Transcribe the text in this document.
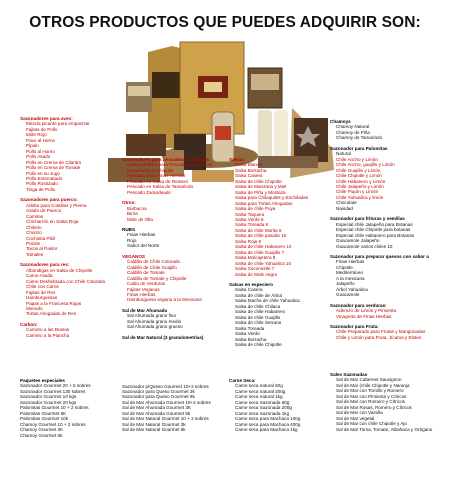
OTROS PRODUCTOS QUE PUEDES ADQUIRIR SON:
Sazonadores para aves:
Mezcla picante para empanizar
Fajitas de Pollo
Mole Rojo
Pavo al Horno
Pipián
Pollo al Horno
Pollo Asado
Pollo en Crema de Cilantro
Pollo en Crema de Tomate
Pollo en su Jugo
Pollo Entomatado
Pollo Rostizado
Tinga de Pollo
Sazonadores para puerco:
Adobo para Costillas y Pierna
Asado de Puerco
Carnitas
Chicharrón en Salsa Roja
Chilorio
Chorizo
Cochinita Pibil
Pozole
Tacos al Pastor
Tamales
Sazonadores para res:
Albóndigas en Salsa de Chipotle
Carne Asada
Carne Deshebrada con Chile Colorado
Chile con Carne
Fajitas de Res
Hamburguesas
Papas a la Francesa Rojas
Menudo
Tortas Ahogadas de Res
Carbon:
Carnero a las Brasas
Carnero a la Plancha
Sazonadores para pescados y mariscos:
Adobo Mestizo para Pescados y Mariscos
Camarones al Chipotle
Pescado a las Finas Hierbas
Pescado en Salsa de Romero
Pescado en Salsa de Tamarindo
Pescado Zarandeado
Otros:
Barbacoa
Birria
Mole de Olla
RUBS
Finas Hierbas
Rojo
Sabor del Norte
VEGANOS
Caldillo de Chile Colorado
Caldillo de Chile Guajillo
Caldillo de Tomate
Caldillo de Tomate y Chipotle
Caldo de Verduras
Fajitas Veganas
Finas Hierbas
Hamburguesa vegana a la Mexicana
Sal de Mar Ahumada
Sal Ahumada grano fino
Sal Ahumada grano medio
Sal Ahumada grano grueso
Sal de Mar Natural (3 granulometrías)
Salsas:
Salsa Blanca
Salsa Borracha
Salsa Casera
Salsa de chile Chipotle
Salsa de Manzana y Miel
Salsa de Piña y Mostaza
Salsa para Chilaquiles y Enchiladas
Salsa para Tortas Ahogadas
Salsa de chile Puya
Salsa Taquera
Salsa Verde 8
Salsa Toreada 8
Salsa de chile Morita 9
Salsa de chile pasado 10
Salsa Roja 8
Salsa de chile Habanero 10
Salsa de chile Guajillo 7
Salsa Molcajetera 8
Salsa de chile Yahualica 10
Salsa Xoconostle 7
Salsa de Mole negro
Salsas en especiero
Salsa Casera
Salsa de chile de Árbol
Salsa Macha de chile Yahualica
Salsa de chile Chilaca
Salsa de chile Habanero
Salsa de chile Guajillo
Salsa de chile Serrano
Salsa Toreada
Salsa Verde
Salsa Borracha
Salsa de chile Chipotle
Chamoys
Chamoy Natural
Chamoy de Piña
Chamoy de Tamarindo
Sazonador para Palomitas
Natural
Chile Ancho y Limón
Chile Ancho, guajillo y Limón
Chile Guajillo y Limón
Chile Chipotle y Limón
Chile Habanero y Limón
Chile Jalapeño y Limón
Chile Piquín y Limón
Chile Yahualica y limón
Chocolate
Navidad
Sazonador para frituras y semillas
Especial chile Jalapeño para Botanas
Especial chile Chipotle para botanas
Especial chile Habanero para Botanas
Guacamole Jalapeño
Guacamole varios chiles 10
Sazonador para preparar quesos con sabor a
Finas Hierbas
Chipotle
Mediterráneo
A la mexicana
Jalapeño
Árbol Yahualica
Guacamole
Sazonador para verduras:
Aderezo de Limón y Pimienta
Vinagreta de Finas Hierbas
Sazonador para Fruta:
Chile Preparado para Frutas y Mangonadas
Chile y Limón para Fruta, Jícama y Elotes
Paquetes especiales
Sazonador Gourmet 20 + 5 sobres
Sazonador Gourmet 130 sobres
Sazonador Gourmet 10 kgs
Sazonador Gourmet 20 kgs
Palomitas Gourmet 10 + 2 sobres
Palomitas Gourmet 5K
Palomitas Gourmet 10k
Chamoy Gourmet 10 + 2 sobres
Chamoy Gourmet 3K
Chamoy Gourmet 6k
Sazonador p/Queso Gourmet 10+2 sobres
Sazonador para Queso Gourmet 3k
Sazonador para Queso Gourmet 6k
Sal de Mar Ahumada Gourmet 10+2 sobres
Sal de Mar Ahumada Gourmet 3K
Sal de Mar Ahumada Gourmet 6k
Sal de Mar Natural Gourmet 10 + 2 sobres
Sal de Mar Natural Gourmet 3k
Sal de Mar Natural Gourmet 6k
Carne Seca:
Carne seca natural 60g
Carne seca natural 200g
Carne seca natural 1kg
Carne seca Sazonada 60g
Carne seca Sazonada 200g
Carne seca Sazonada 1kg
Carne seca para Machaca 100g
Carne seca para Machaca 400g
Carne seca para Machaca 1kg
Sales Sazonadas
Sal de Mar Cabernet Sauvignon
Sal de Mar (chile Chipotle y Naranja
Sal de Mar con Tomillo y Romero
Sal de Mar con Pimienta y Cítricos
Sal de Mar con Romero y Cítricos
Sal de Mar Rosas, Romero y Cítricos
Sal de Mar con Vainilla
Sal de Mar vegetal
Sal de Mar con chile Chipotle y Ajo
Sal de Mar Toma, Tomate, Albahaca y Orégano
